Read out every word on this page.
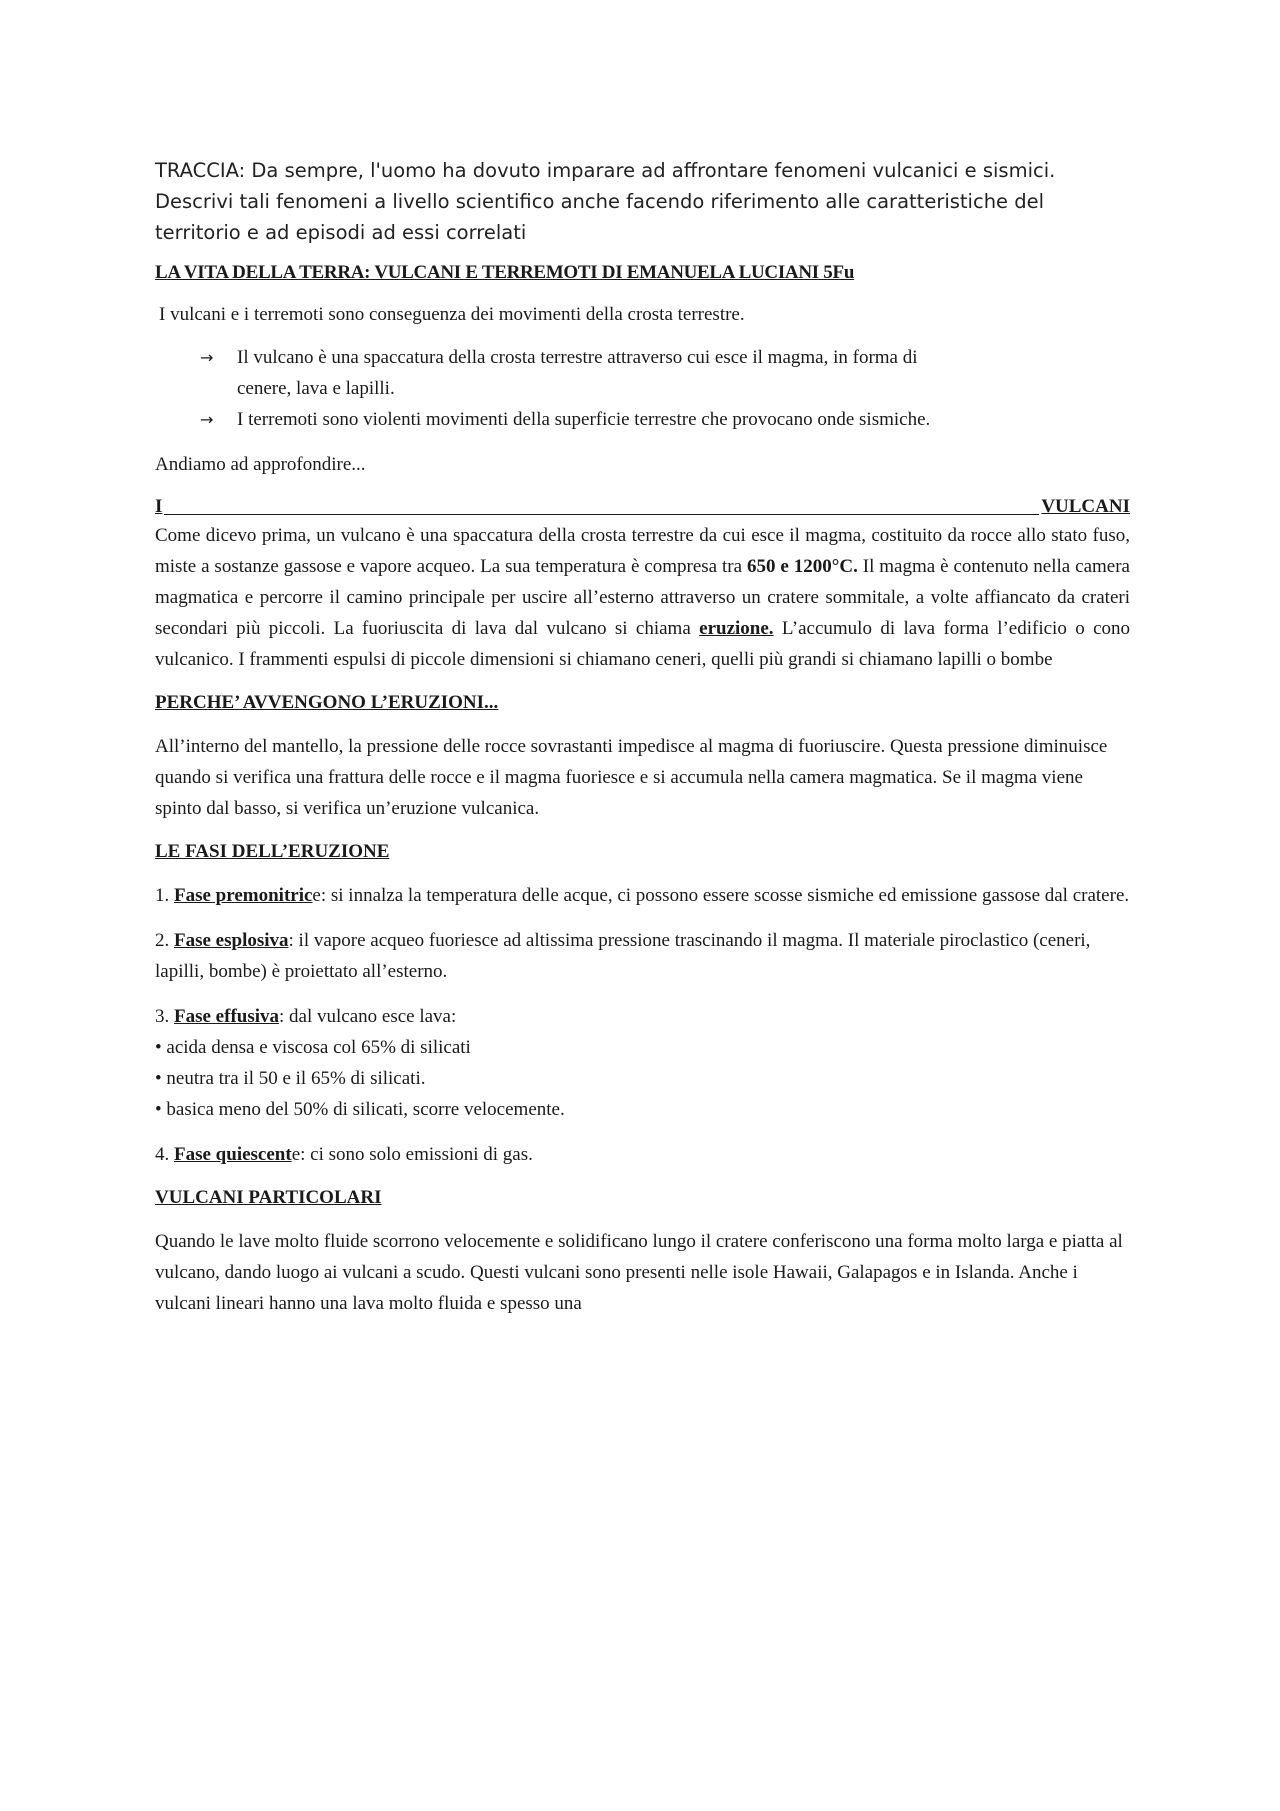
TRACCIA: Da sempre, l'uomo ha dovuto imparare ad affrontare fenomeni vulcanici e sismici.
Descrivi tali fenomeni a livello scientifico anche facendo riferimento alle caratteristiche del
territorio e ad episodi ad essi correlati
LA VITA DELLA TERRA: VULCANI E TERREMOTI DI EMANUELA LUCIANI 5Fu
I vulcani e i terremoti sono conseguenza dei movimenti della crosta terrestre.
→ Il vulcano è una spaccatura della crosta terrestre attraverso cui esce il magma, in forma di
cenere, lava e lapilli.
→ I terremoti sono violenti movimenti della superficie terrestre che provocano onde sismiche.
Andiamo ad approfondire...
I	VULCANI
Come dicevo prima, un vulcano è una spaccatura della crosta terrestre da cui esce il magma, costituito da rocce allo stato fuso, miste a sostanze gassose e vapore acqueo. La sua temperatura è compresa tra 650 e 1200°C. Il magma è contenuto nella camera magmatica e percorre il camino principale per uscire all’esterno attraverso un cratere sommitale, a volte affiancato da crateri secondari più piccoli. La fuoriuscita di lava dal vulcano si chiama eruzione. L’accumulo di lava forma l’edificio o cono vulcanico. I frammenti espulsi di piccole dimensioni si chiamano ceneri, quelli più grandi si chiamano lapilli o bombe
PERCHE’ AVVENGONO L’ERUZIONI...
All’interno del mantello, la pressione delle rocce sovrastanti impedisce al magma di fuoriuscire. Questa pressione diminuisce quando si verifica una frattura delle rocce e il magma fuoriesce e si accumula nella camera magmatica. Se il magma viene spinto dal basso, si verifica un’eruzione vulcanica.
LE FASI DELL’ERUZIONE
1. Fase premonitrice: si innalza la temperatura delle acque, ci possono essere scosse sismiche ed emissione gassose dal cratere.
2. Fase esplosiva: il vapore acqueo fuoriesce ad altissima pressione trascinando il magma. Il materiale piroclastico (ceneri, lapilli, bombe) è proiettato all’esterno.
3. Fase effusiva: dal vulcano esce lava:
• acida densa e viscosa col 65% di silicati
• neutra tra il 50 e il 65% di silicati.
• basica meno del 50% di silicati, scorre velocemente.
4. Fase quiescente: ci sono solo emissioni di gas.
VULCANI PARTICOLARI
Quando le lave molto fluide scorrono velocemente e solidificano lungo il cratere conferiscono una forma molto larga e piatta al vulcano, dando luogo ai vulcani a scudo. Questi vulcani sono presenti nelle isole Hawaii, Galapagos e in Islanda. Anche i vulcani lineari hanno una lava molto fluida e spesso una
